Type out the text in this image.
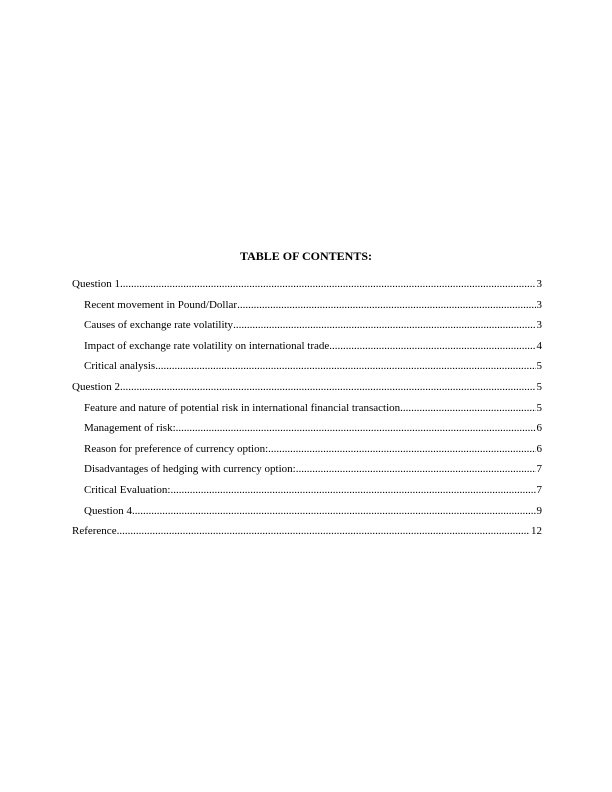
TABLE OF CONTENTS:
Question 1 .....	3
Recent movement in Pound/Dollar .....	3
Causes of exchange rate volatility .....	3
Impact of exchange rate volatility on international trade .....	4
Critical analysis .....	5
Question 2 .....	5
Feature and nature of potential risk in international financial transaction .....	5
Management of risk: .....	6
Reason for preference of currency option: .....	6
Disadvantages of hedging with currency option: .....	7
Critical Evaluation: .....	7
Question 4 .....	9
Reference .....	12
